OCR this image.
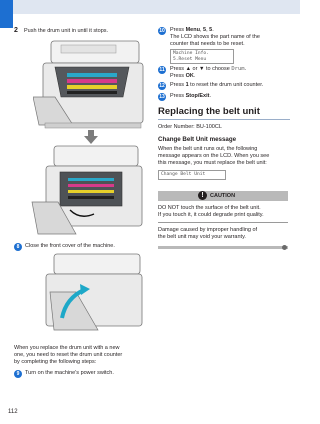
2 Push the drum unit in until it stops.
8	Close the front cover of the machine.
When you replace the drum unit with a new
one, you need to reset the drum unit counter
by completing the following steps:
9	Turn on the machine's power switch.
112
10 Press Menu, 5, 5.
The LCD shows the part name of the
counter that needs to be reset.
Machine Info.
5.Reset Menu
11 Press ▲ or ▼ to choose Drum.
Press OK.
12 Press 1 to reset the drum unit counter.
13 Press Stop/Exit.
Replacing the belt unit
Order Number: BU-100CL
Change Belt Unit message
When the belt unit runs out, the following
message appears on the LCD. When you see
this message, you must replace the belt unit:
Change Belt Unit
!	CAUTION
DO NOT touch the surface of the belt unit.
If you touch it, it could degrade print quality.
Damage caused by improper handling of
the belt unit may void your warranty.
